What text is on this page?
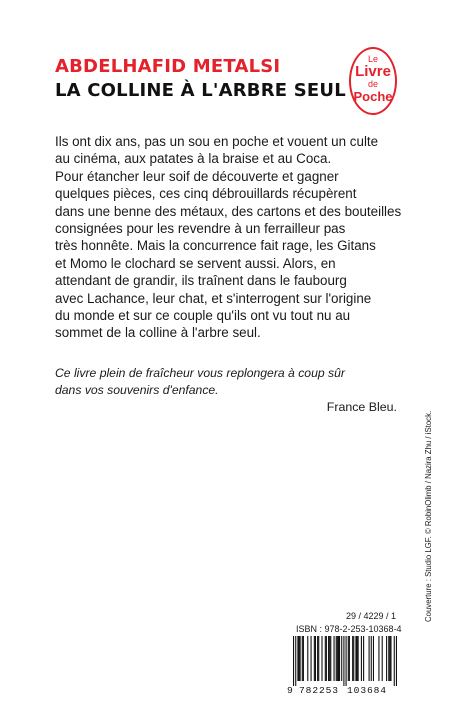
ABDELHAFID METALSI
LA COLLINE À L'ARBRE SEUL
Le
Livre
de
Poche

Ils ont dix ans, pas un sou en poche et vouent un culte
au cinéma, aux patates à la braise et au Coca.
Pour étancher leur soif de découverte et gagner
quelques pièces, ces cinq débrouillards récupèrent
dans une benne des métaux, des cartons et des bouteilles
consignées pour les revendre à un ferrailleur pas
très honnête. Mais la concurrence fait rage, les Gitans
et Momo le clochard se servent aussi. Alors, en
attendant de grandir, ils traînent dans le faubourg
avec Lachance, leur chat, et s'interrogent sur l'origine
du monde et sur ce couple qu'ils ont vu tout nu au
sommet de la colline à l'arbre seul.

Ce livre plein de fraîcheur vous replongera à coup sûr
dans vos souvenirs d'enfance.

France Bleu.
Couverture : Studio LGF. © RobinOlimb / Nazira Zhu / iStock.
29 / 4229 / 1
ISBN : 978-2-253-10368-4
9 782253 103684
